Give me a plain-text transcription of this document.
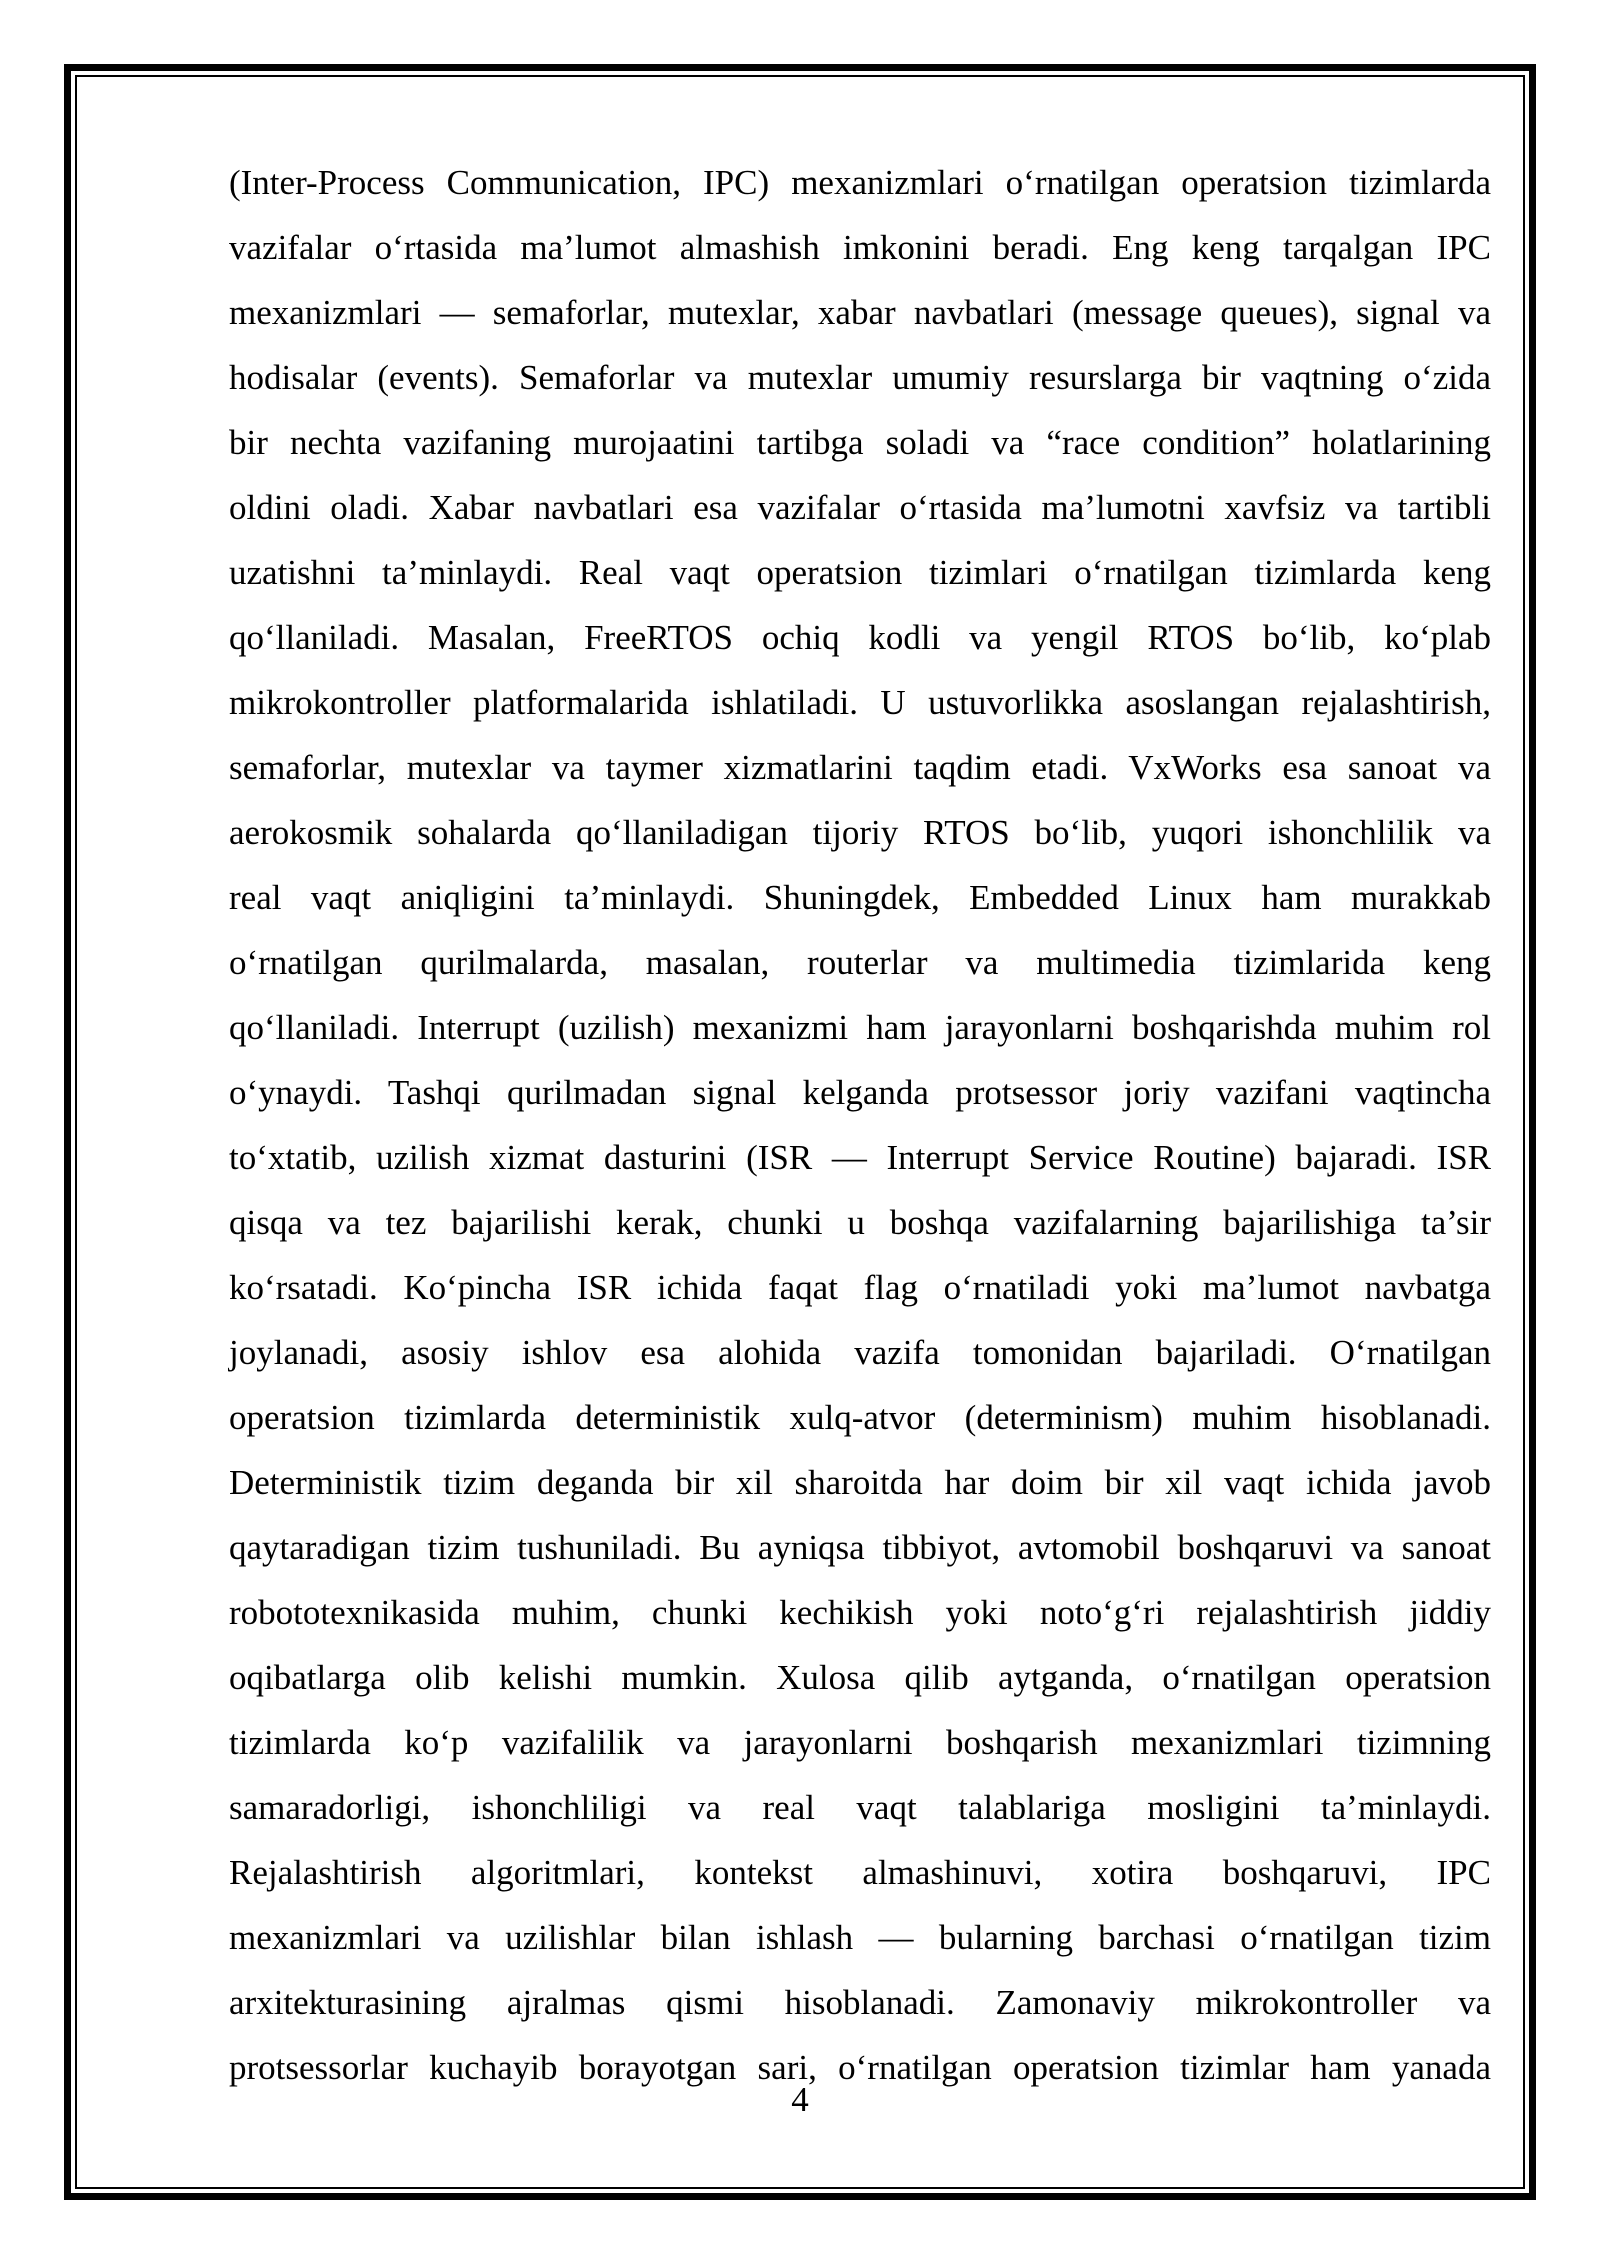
(Inter-Process Communication, IPC) mexanizmlari o‘rnatilgan operatsion tizimlarda
vazifalar o‘rtasida ma’lumot almashish imkonini beradi. Eng keng tarqalgan IPC
mexanizmlari — semaforlar, mutexlar, xabar navbatlari (message queues), signal va
hodisalar (events). Semaforlar va mutexlar umumiy resurslarga bir vaqtning o‘zida
bir nechta vazifaning murojaatini tartibga soladi va “race condition” holatlarining
oldini oladi. Xabar navbatlari esa vazifalar o‘rtasida ma’lumotni xavfsiz va tartibli
uzatishni ta’minlaydi. Real vaqt operatsion tizimlari o‘rnatilgan tizimlarda keng
qo‘llaniladi. Masalan, FreeRTOS ochiq kodli va yengil RTOS bo‘lib, ko‘plab
mikrokontroller platformalarida ishlatiladi. U ustuvorlikka asoslangan rejalashtirish,
semaforlar, mutexlar va taymer xizmatlarini taqdim etadi. VxWorks esa sanoat va
aerokosmik sohalarda qo‘llaniladigan tijoriy RTOS bo‘lib, yuqori ishonchlilik va
real vaqt aniqligini ta’minlaydi. Shuningdek, Embedded Linux ham murakkab
o‘rnatilgan qurilmalarda, masalan, routerlar va multimedia tizimlarida keng
qo‘llaniladi. Interrupt (uzilish) mexanizmi ham jarayonlarni boshqarishda muhim rol
o‘ynaydi. Tashqi qurilmadan signal kelganda protsessor joriy vazifani vaqtincha
to‘xtatib, uzilish xizmat dasturini (ISR — Interrupt Service Routine) bajaradi. ISR
qisqa va tez bajarilishi kerak, chunki u boshqa vazifalarning bajarilishiga ta’sir
ko‘rsatadi. Ko‘pincha ISR ichida faqat flag o‘rnatiladi yoki ma’lumot navbatga
joylanadi, asosiy ishlov esa alohida vazifa tomonidan bajariladi. O‘rnatilgan
operatsion tizimlarda deterministik xulq-atvor (determinism) muhim hisoblanadi.
Deterministik tizim deganda bir xil sharoitda har doim bir xil vaqt ichida javob
qaytaradigan tizim tushuniladi. Bu ayniqsa tibbiyot, avtomobil boshqaruvi va sanoat
robototexnikasida muhim, chunki kechikish yoki noto‘g‘ri rejalashtirish jiddiy
oqibatlarga olib kelishi mumkin. Xulosa qilib aytganda, o‘rnatilgan operatsion
tizimlarda ko‘p vazifalilik va jarayonlarni boshqarish mexanizmlari tizimning
samaradorligi, ishonchliligi va real vaqt talablariga mosligini ta’minlaydi.
Rejalashtirish algoritmlari, kontekst almashinuvi, xotira boshqaruvi, IPC
mexanizmlari va uzilishlar bilan ishlash — bularning barchasi o‘rnatilgan tizim
arxitekturasining ajralmas qismi hisoblanadi. Zamonaviy mikrokontroller va
protsessorlar kuchayib borayotgan sari, o‘rnatilgan operatsion tizimlar ham yanada
4
